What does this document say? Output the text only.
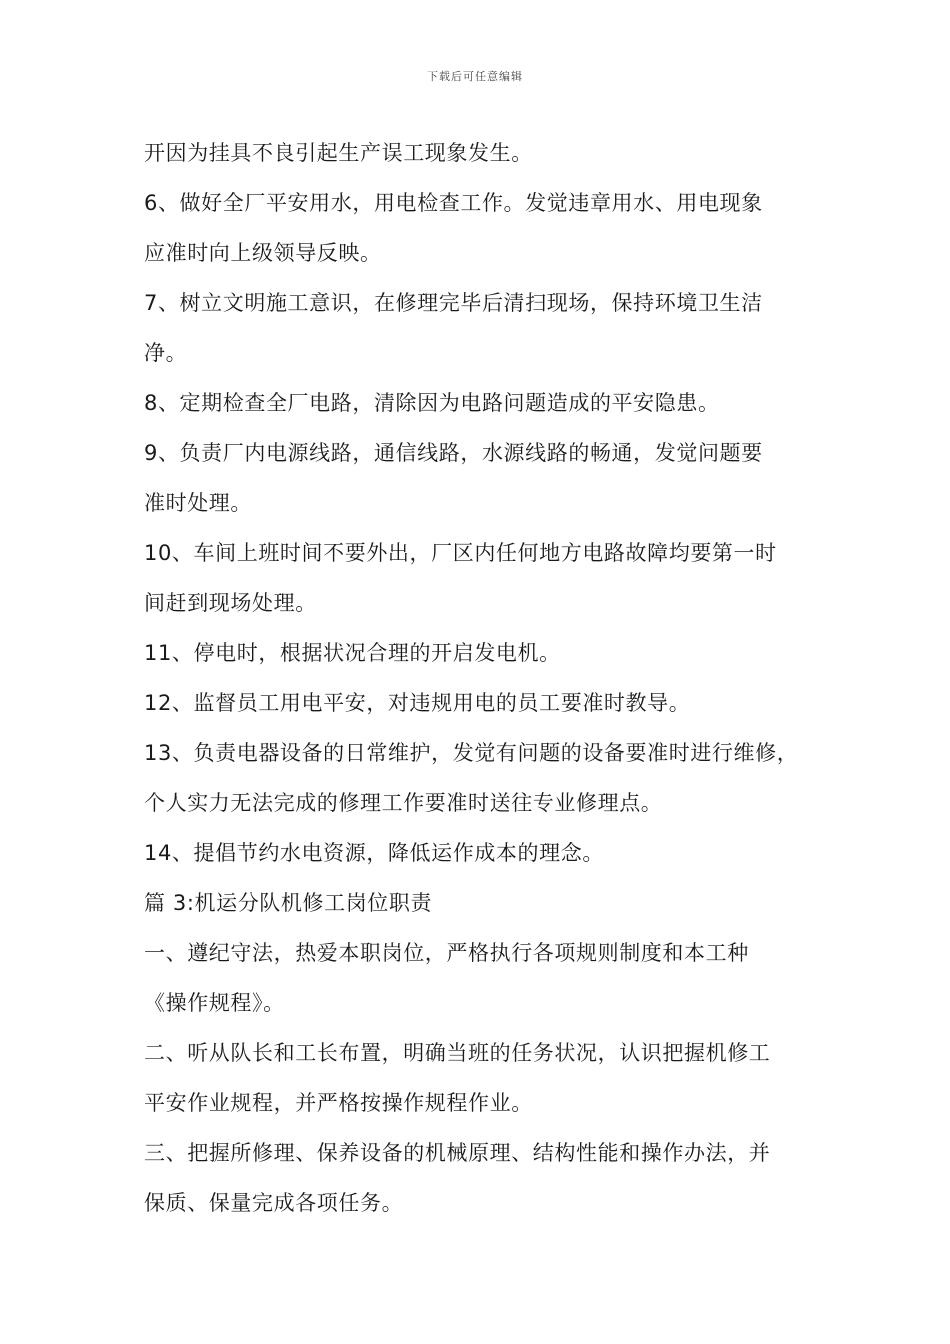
下载后可任意编辑
开因为挂具不良引起生产误工现象发生。
6、做好全厂平安用水，用电检查工作。发觉违章用水、用电现象
应准时向上级领导反映。
7、树立文明施工意识，在修理完毕后清扫现场，保持环境卫生洁
净。
8、定期检查全厂电路，清除因为电路问题造成的平安隐患。
9、负责厂内电源线路，通信线路，水源线路的畅通，发觉问题要
准时处理。
10、车间上班时间不要外出，厂区内任何地方电路故障均要第一时
间赶到现场处理。
11、停电时，根据状况合理的开启发电机。
12、监督员工用电平安，对违规用电的员工要准时教导。
13、负责电器设备的日常维护，发觉有问题的设备要准时进行维修，
个人实力无法完成的修理工作要准时送往专业修理点。
14、提倡节约水电资源，降低运作成本的理念。
篇 3:机运分队机修工岗位职责
一、遵纪守法，热爱本职岗位，严格执行各项规则制度和本工种
《操作规程》。
二、听从队长和工长布置，明确当班的任务状况，认识把握机修工
平安作业规程，并严格按操作规程作业。
三、把握所修理、保养设备的机械原理、结构性能和操作办法，并
保质、保量完成各项任务。
